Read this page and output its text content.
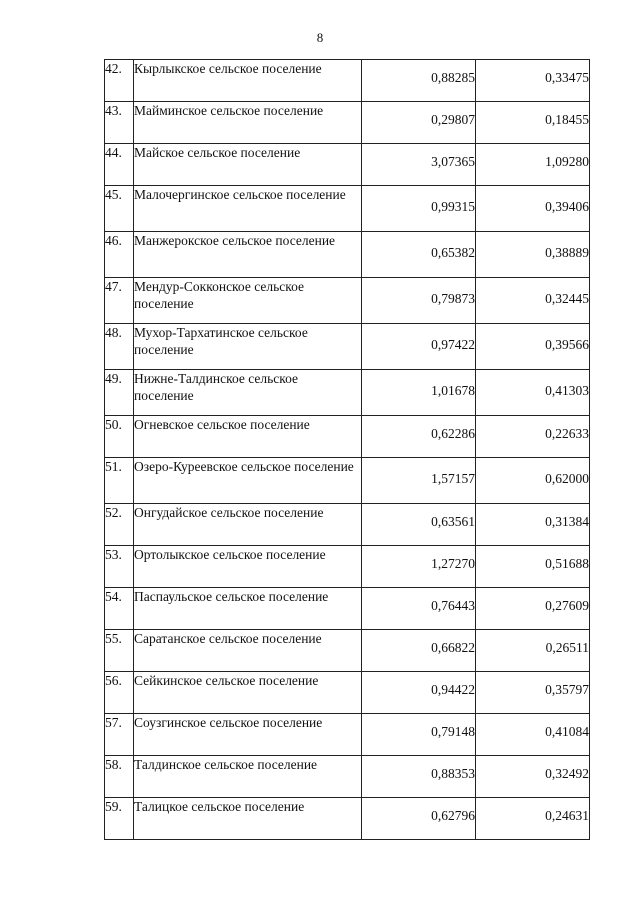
8
42.	Кырлыкское сельское поселение	0,88285	0,33475
43.	Майминское сельское поселение	0,29807	0,18455
44.	Майское сельское поселение	3,07365	1,09280
45.	Малочергинское сельское поселение	0,99315	0,39406
46.	Манжерокское сельское поселение	0,65382	0,38889
47.	Мендур-Сокконское сельское поселение	0,79873	0,32445
48.	Мухор-Тархатинское сельское поселение	0,97422	0,39566
49.	Нижне-Талдинское сельское поселение	1,01678	0,41303
50.	Огневское сельское поселение	0,62286	0,22633
51.	Озеро-Куреевское сельское поселение	1,57157	0,62000
52.	Онгудайское сельское поселение	0,63561	0,31384
53.	Ортолыкское сельское поселение	1,27270	0,51688
54.	Паспаульское сельское поселение	0,76443	0,27609
55.	Саратанское сельское поселение	0,66822	0,26511
56.	Сейкинское сельское поселение	0,94422	0,35797
57.	Соузгинское сельское поселение	0,79148	0,41084
58.	Талдинское сельское поселение	0,88353	0,32492
59.	Талицкое сельское поселение	0,62796	0,24631
